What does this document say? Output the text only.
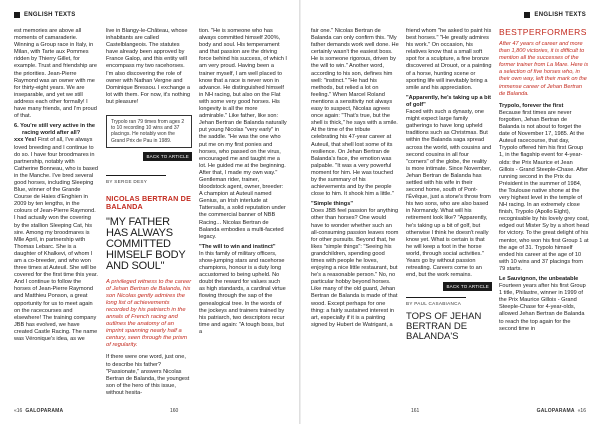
ENGLISH TEXTS

est memories are above all moments of camaraderie. Winning a Group race in Italy, in Milan, with Tarte aux Pommes ridden by Thierry Gillet, for example. Trust and friendship are the priorities. Jean-Pierre Raymond was an owner with me for thirty-eight years. We are inseparable, and yet we still address each other formally! I have many friends, and I'm proud of that.

6. You're still very active in the racing world after all?

xxx Yes! First of all, I've always loved breeding and I continue to do so. I have four broodmares in partnership, notably with Catherine Bonneau, who is based in the Manche. I've bred several good horses, including Sleeping Blue, winner of the Grande Course de Haies d'Enghien in 2009 by ten lengths, in the colours of Jean-Pierre Raymond. I had actually won the covering by the stallion Sleeping Cat, his sire. Among my broodmares is Mlle April, in partnership with Thomas Lebarc. She is a daughter of Khalkevi, of whom I am a co-breeder, and who won three times at Auteuil. She will be covered for the first time this year. And I continue to follow the horses of Jean-Pierre Raymond and Matthieu Ponson, a great opportunity for us to meet again on the racecourses and elsewhere! The training company JBB has evolved, we have created Castle Racing. The name was Véronique's idea, as we

live in Blangy-le-Château, whose inhabitants are called Castelblangeois. The statutes have already been approved by France Galop, and this entity will encompass my two racehorses. I'm also discovering the role of owner with Nathan Vergne and Dominique Bressou. I exchange a lot with them. For now, it's nothing but pleasure!

Trypolo ran 79 times from ages 2 to 10 recording 10 wins and 37 placings. He notably won the Grand Prix de Pau in 1989.
BACK TO ARTICLE
BY SERGE DESY
NICOLAS BERTRAN DE BALANDA
"MY FATHER HAS ALWAYS COMMITTED HIMSELF BODY AND SOUL"

A privileged witness to the career of Jehan Bertran de Balanda, his son Nicolas gently admires the long list of achievements recorded by his patriarch in the annals of French racing and outlines the anatomy of an imprint spanning nearly half a century, seen through the prism of regularity.

If there were one word, just one, to describe his father? "Passionate," answers Nicolas Bertran de Balanda, the youngest son of the hero of this issue, without hesita-

tion. "He is someone who has always committed himself 200%, body and soul. His temperament and that passion are the driving force behind his success, of which I am very proud. Having been a trainer myself, I am well placed to know that a race is never won in advance. He distinguished himself in NH racing, but also on the Flat with some very good horses. His longevity is all the more admirable." Like father, like son: Jehan Bertran de Balanda naturally put young Nicolas "very early" in the saddle. "He was the one who put me on my first ponies and horses, who passed on the virus, encouraged me and taught me a lot. He guided me at the beginning. After that, I made my own way." Gentleman rider, trainer, bloodstock agent, owner, breeder: A champion at Auteuil named Genius, an Irish interlude at Tattersalls, a solid reputation under the commercial banner of NBB Racing... Nicolas Bertran de Balanda embodies a multi-faceted legacy.

"The will to win and instinct"

In this family of military officers, show-jumping stars and racehorse champions, honour is a duty long accustomed to being upheld. No doubt the reward for values such as high standards, a cardinal virtue flowing through the sap of the genealogical tree. In the words of the jockeys and trainers trained by his patriarch, two descriptors recur time and again: "A tough boss, but a

«16 GALOPARAMA	160
ENGLISH TEXTS

fair one." Nicolas Bertran de Balanda can only confirm this. "My father demands work well done. He certainly wasn't the easiest boss. He is someone rigorous, driven by the will to win." Another word, according to his son, defines him well: "instinct." "He had his methods, but relied a lot on feeling." When Marcel Roland mentions a sensitivity not always easy to suspect, Nicolas agrees once again: "That's true, but the shell is thick," he says with a smile. At the time of the tribute celebrating his 47-year career at Auteuil, that shell lost some of its resilience. On Jehan Bertran de Balanda's face, the emotion was palpable. "It was a very powerful moment for him. He was touched by the summary of his achievements and by the people close to him. It shook him a little."

"Simple things"

Does JBB feel passion for anything other than horses? One would have to wonder whether such an all-consuming passion leaves room for other pursuits. Beyond that, he likes "simple things": "Seeing his grandchildren, spending good times with people he loves, enjoying a nice little restaurant, but he's a reasonable person." No, no particular hobby beyond horses. Like many of the old guard, Jehan Bertran de Balanda is made of that wood. Except perhaps for one thing: a fairly sustained interest in art, especially if it is a painting signed by Hubert de Watrigant, a

friend whom "he asked to paint his best horses." "He greatly admires his work." On occasion, his relatives know that a small soft spot for a sculpture, a fine bronze discovered at Drouot, or a painting of a horse, hunting scene or sporting life will inevitably bring a smile and his appreciation.

"Apparently, he's taking up a bit of golf"

Faced with such a dynasty, one might expect large family gatherings to have long upheld traditions such as Christmas. But within the Balanda saga spread across the world, with cousins and second cousins in all four "corners" of the globe, the reality is more intimate. Since November, Jehan Bertran de Balanda has settled with his wife in their second home, south of Pont-l'Évêque, just a stone's throw from his two sons, who are also based in Normandy. What will his retirement look like? "Apparently, he's taking up a bit of golf, but otherwise I think he doesn't really know yet. What is certain is that he will keep a foot in the horse world, through social activities." Years go by without passion retreating. Careers come to an end, but the work remains.

BACK TO ARTICLE
BY PAUL CASABIANCA
TOPS OF JEHAN BERTRAN DE BALANDA'S
BESTPERFORMERS

After 47 years of career and more than 1,800 victories, it is difficult to mention all the successes of the former trainer from La Mare. Here is a selection of five horses who, in their own way, left their mark on the immense career of Jehan Bertran de Balanda.

Trypolo, forever the first

Because first times are never forgotten, Jehan Bertran de Balanda is not about to forget the date of November 17, 1985. At the Auteuil racecourse, that day, Trypolo offered him his first Group 1, in the flagship event for 4-year-olds: the Prix Maurice et Jean Gillois - Grand Steeple-Chase. After running second in the Prix du Président in the summer of 1984, the Toulouse native shone at the very highest level in the temple of NH racing. In an extremely close finish, Trypolo (Apollo Eight), recognisable by his lovely grey coat, edged out Mister Sy by a short head for victory. To the great delight of his mentor, who won his first Group 1 at the age of 31. Trypolo himself ended his career at the age of 10 with 10 wins and 37 placings from 79 starts.

Le Sauvignon, the unbeatable

Fourteen years after his first Group 1 title, Philastre, winner in 1999 of the Prix Maurice Gillois - Grand Steeple-Chase for 4-year-olds, allowed Jehan Bertran de Balanda to reach the top again for the second time in

161	GALOPARAMA «16
